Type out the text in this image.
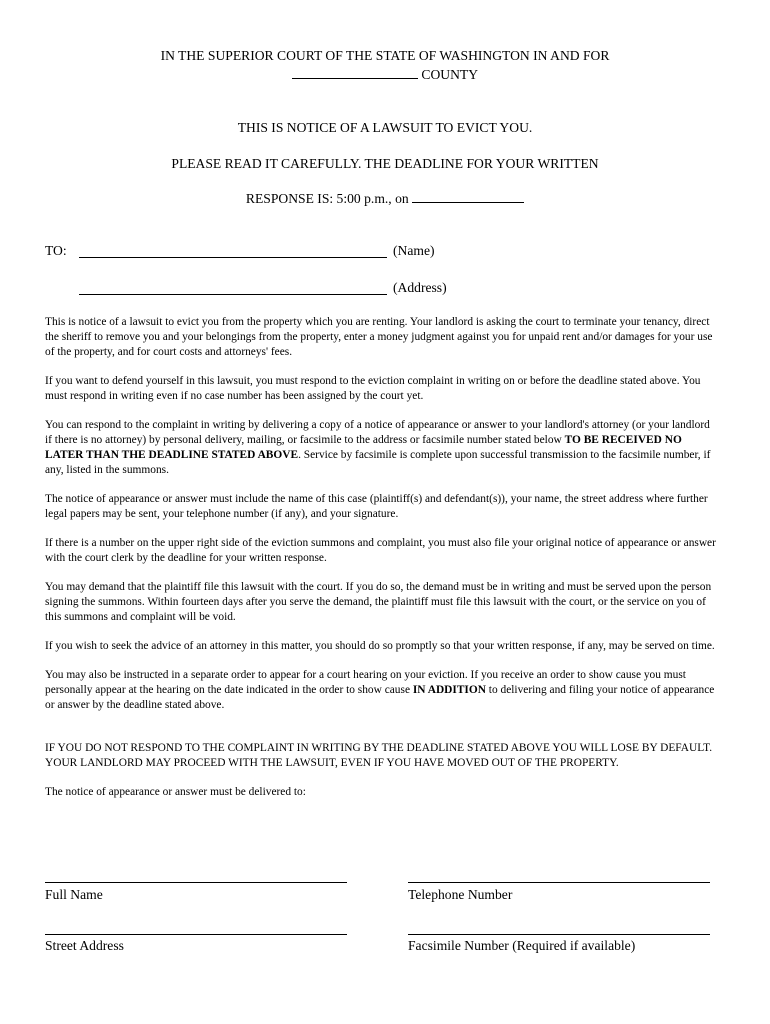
IN THE SUPERIOR COURT OF THE STATE OF WASHINGTON IN AND FOR
COUNTY
THIS IS NOTICE OF A LAWSUIT TO EVICT YOU.
PLEASE READ IT CAREFULLY. THE DEADLINE FOR YOUR WRITTEN
RESPONSE IS: 5:00 p.m., on
TO:	(Name)
(Address)

This is notice of a lawsuit to evict you from the property which you are renting. Your landlord is asking the court to terminate your tenancy, direct the sheriff to remove you and your belongings from the property, enter a money judgment against you for unpaid rent and/or damages for your use of the property, and for court costs and attorneys' fees.

If you want to defend yourself in this lawsuit, you must respond to the eviction complaint in writing on or before the deadline stated above. You must respond in writing even if no case number has been assigned by the court yet.

You can respond to the complaint in writing by delivering a copy of a notice of appearance or answer to your landlord's attorney (or your landlord if there is no attorney) by personal delivery, mailing, or facsimile to the address or facsimile number stated below TO BE RECEIVED NO LATER THAN THE DEADLINE STATED ABOVE. Service by facsimile is complete upon successful transmission to the facsimile number, if any, listed in the summons.

The notice of appearance or answer must include the name of this case (plaintiff(s) and defendant(s)), your name, the street address where further legal papers may be sent, your telephone number (if any), and your signature.

If there is a number on the upper right side of the eviction summons and complaint, you must also file your original notice of appearance or answer with the court clerk by the deadline for your written response.

You may demand that the plaintiff file this lawsuit with the court. If you do so, the demand must be in writing and must be served upon the person signing the summons. Within fourteen days after you serve the demand, the plaintiff must file this lawsuit with the court, or the service on you of this summons and complaint will be void.

If you wish to seek the advice of an attorney in this matter, you should do so promptly so that your written response, if any, may be served on time.

You may also be instructed in a separate order to appear for a court hearing on your eviction. If you receive an order to show cause you must personally appear at the hearing on the date indicated in the order to show cause IN ADDITION to delivering and filing your notice of appearance or answer by the deadline stated above.

IF YOU DO NOT RESPOND TO THE COMPLAINT IN WRITING BY THE DEADLINE STATED ABOVE YOU WILL LOSE BY DEFAULT. YOUR LANDLORD MAY PROCEED WITH THE LAWSUIT, EVEN IF YOU HAVE MOVED OUT OF THE PROPERTY.

The notice of appearance or answer must be delivered to:

Full Name	Telephone Number
Street Address	Facsimile Number (Required if available)
